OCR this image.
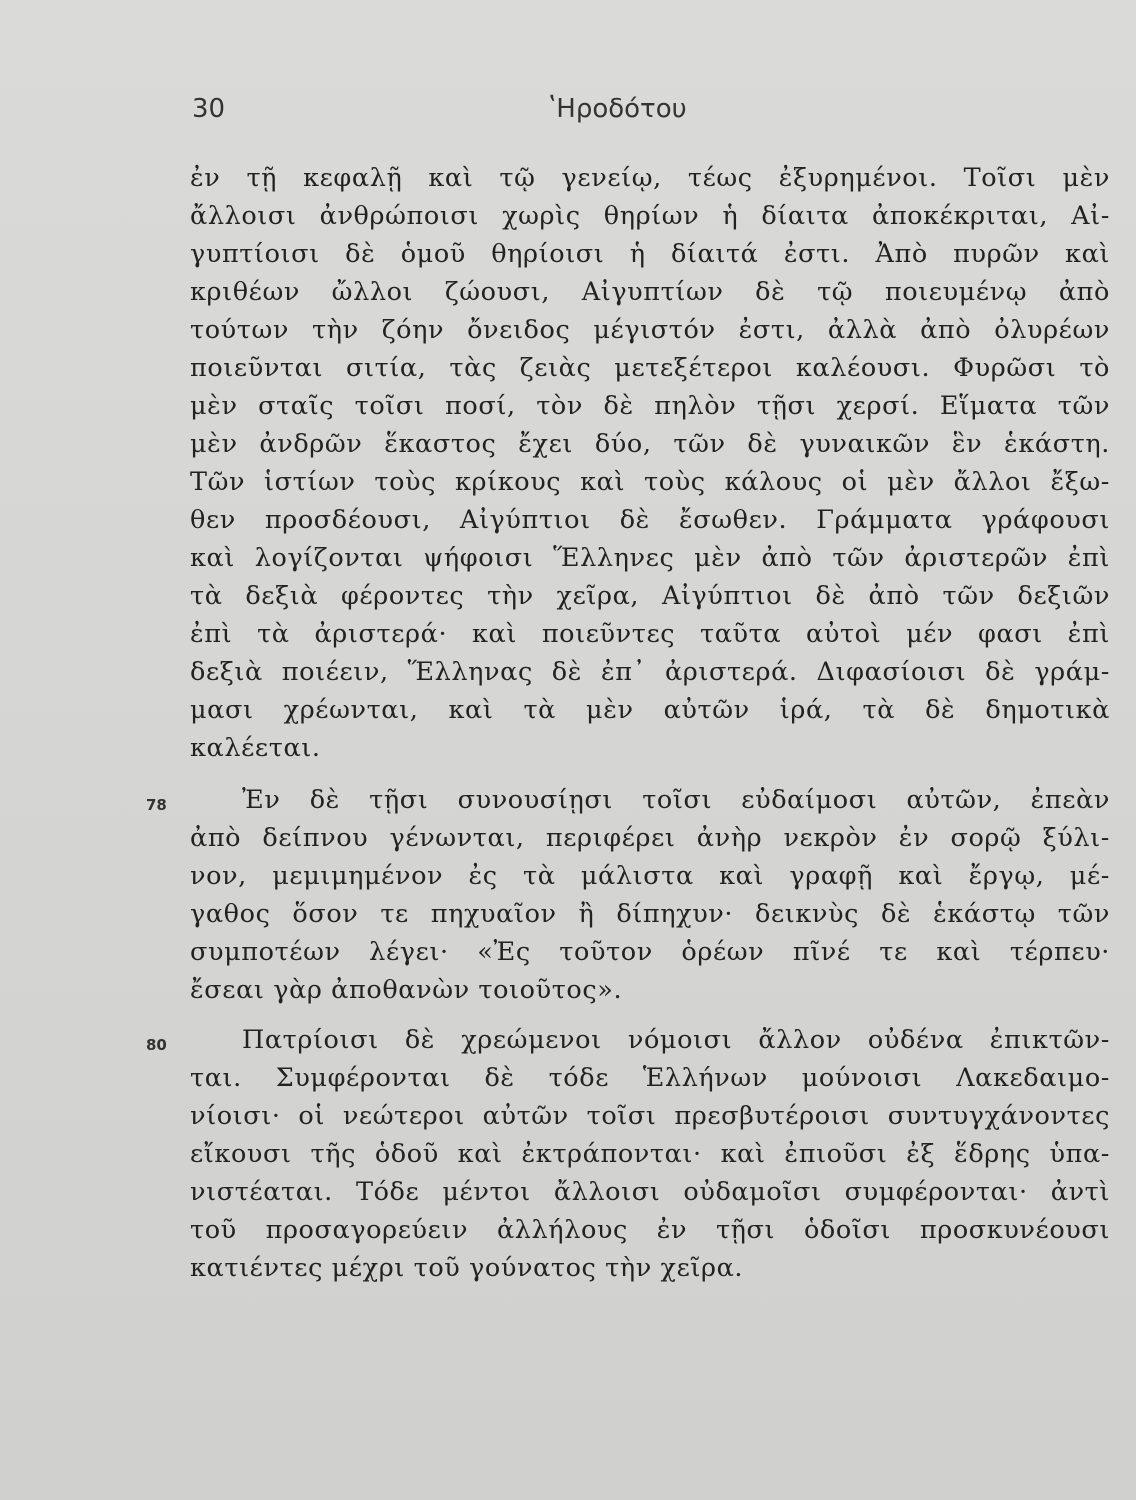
30	ʽΗροδότου
ἐν τῇ κεφαλῇ καὶ τῷ γενείῳ, τέως ἐξυρημένοι. Τοῖσι μὲν
ἄλλοισι ἀνθρώποισι χωρὶς θηρίων ἡ δίαιτα ἀποκέκριται, Αἰ-
γυπτίοισι δὲ ὁμοῦ θηρίοισι ἡ δίαιτά ἐστι. Ἀπὸ πυρῶν καὶ
κριθέων ὤλλοι ζώουσι, Αἰγυπτίων δὲ τῷ ποιευμένῳ ἀπὸ
τούτων τὴν ζόην ὄνειδος μέγιστόν ἐστι, ἀλλὰ ἀπὸ ὀλυρέων
ποιεῦνται σιτία, τὰς ζειὰς μετεξέτεροι καλέουσι. Φυρῶσι τὸ
μὲν σταῖς τοῖσι ποσί, τὸν δὲ πηλὸν τῇσι χερσί. Εἵματα τῶν
μὲν ἀνδρῶν ἕκαστος ἔχει δύο, τῶν δὲ γυναικῶν ἓν ἑκάστη.
Τῶν ἱστίων τοὺς κρίκους καὶ τοὺς κάλους οἱ μὲν ἄλλοι ἔξω-
θεν προσδέουσι, Αἰγύπτιοι δὲ ἔσωθεν. Γράμματα γράφουσι
καὶ λογίζονται ψήφοισι Ἕλληνες μὲν ἀπὸ τῶν ἀριστερῶν ἐπὶ
τὰ δεξιὰ φέροντες τὴν χεῖρα, Αἰγύπτιοι δὲ ἀπὸ τῶν δεξιῶν
ἐπὶ τὰ ἀριστερά· καὶ ποιεῦντες ταῦτα αὐτοὶ μέν φασι ἐπὶ
δεξιὰ ποιέειν, Ἕλληνας δὲ ἐπ᾽ ἀριστερά. Διφασίοισι δὲ γράμ-
μασι χρέωνται, καὶ τὰ μὲν αὐτῶν ἱρά, τὰ δὲ δημοτικὰ
καλέεται.
78	Ἐν δὲ τῇσι συνουσίῃσι τοῖσι εὐδαίμοσι αὐτῶν, ἐπεὰν
ἀπὸ δείπνου γένωνται, περιφέρει ἀνὴρ νεκρὸν ἐν σορῷ ξύλι-
νον, μεμιμημένον ἐς τὰ μάλιστα καὶ γραφῇ καὶ ἔργῳ, μέ-
γαθος ὅσον τε πηχυαῖον ἢ δίπηχυν· δεικνὺς δὲ ἑκάστῳ τῶν
συμποτέων λέγει· «Ἐς τοῦτον ὁρέων πῖνέ τε καὶ τέρπευ·
ἔσεαι γὰρ ἀποθανὼν τοιοῦτος».
80	Πατρίοισι δὲ χρεώμενοι νόμοισι ἄλλον οὐδένα ἐπικτῶν-
ται. Συμφέρονται δὲ τόδε Ἑλλήνων μούνοισι Λακεδαιμο-
νίοισι· οἱ νεώτεροι αὐτῶν τοῖσι πρεσβυτέροισι συντυγχάνοντες
εἴκουσι τῆς ὁδοῦ καὶ ἐκτράπονται· καὶ ἐπιοῦσι ἐξ ἕδρης ὑπα-
νιστέαται. Τόδε μέντοι ἄλλοισι οὐδαμοῖσι συμφέρονται· ἀντὶ
τοῦ προσαγορεύειν ἀλλήλους ἐν τῇσι ὁδοῖσι προσκυνέουσι
κατιέντες μέχρι τοῦ γούνατος τὴν χεῖρα.
